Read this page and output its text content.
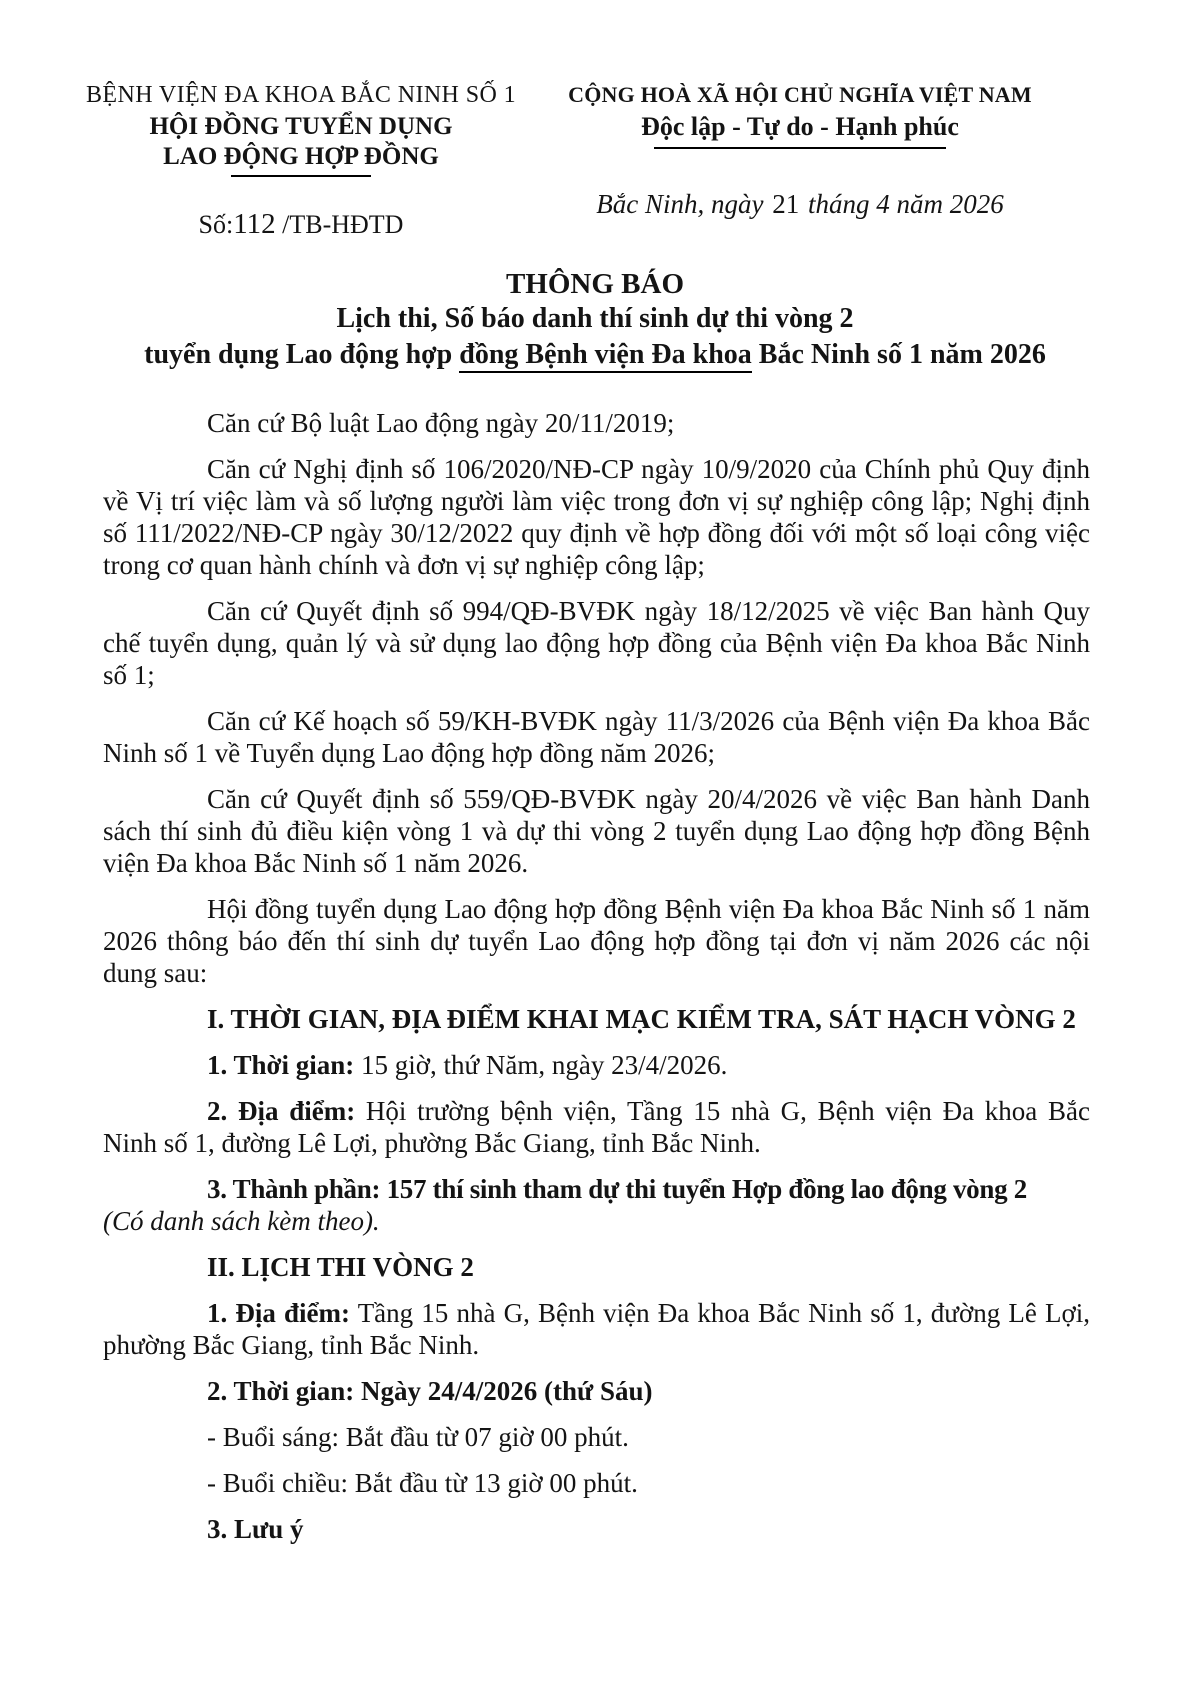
BỆNH VIỆN ĐA KHOA BẮC NINH SỐ 1
HỘI ĐỒNG TUYỂN DỤNG
LAO ĐỘNG HỢP ĐỒNG
Số:112 /TB-HĐTD
CỘNG HOÀ XÃ HỘI CHỦ NGHĨA VIỆT NAM
Độc lập - Tự do - Hạnh phúc
Bắc Ninh, ngày 21 tháng 4 năm 2026
THÔNG BÁO
Lịch thi, Số báo danh thí sinh dự thi vòng 2
tuyển dụng Lao động hợp đồng Bệnh viện Đa khoa Bắc Ninh số 1 năm 2026

Căn cứ Bộ luật Lao động ngày 20/11/2019;

Căn cứ Nghị định số 106/2020/NĐ-CP ngày 10/9/2020 của Chính phủ Quy định về Vị trí việc làm và số lượng người làm việc trong đơn vị sự nghiệp công lập; Nghị định số 111/2022/NĐ-CP ngày 30/12/2022 quy định về hợp đồng đối với một số loại công việc trong cơ quan hành chính và đơn vị sự nghiệp công lập;

Căn cứ Quyết định số 994/QĐ-BVĐK ngày 18/12/2025 về việc Ban hành Quy chế tuyển dụng, quản lý và sử dụng lao động hợp đồng của Bệnh viện Đa khoa Bắc Ninh số 1;

Căn cứ Kế hoạch số 59/KH-BVĐK ngày 11/3/2026 của Bệnh viện Đa khoa Bắc Ninh số 1 về Tuyển dụng Lao động hợp đồng năm 2026;

Căn cứ Quyết định số 559/QĐ-BVĐK ngày 20/4/2026 về việc Ban hành Danh sách thí sinh đủ điều kiện vòng 1 và dự thi vòng 2 tuyển dụng Lao động hợp đồng Bệnh viện Đa khoa Bắc Ninh số 1 năm 2026.

Hội đồng tuyển dụng Lao động hợp đồng Bệnh viện Đa khoa Bắc Ninh số 1 năm 2026 thông báo đến thí sinh dự tuyển Lao động hợp đồng tại đơn vị năm 2026 các nội dung sau:

I. THỜI GIAN, ĐỊA ĐIỂM KHAI MẠC KIỂM TRA, SÁT HẠCH VÒNG 2

1. Thời gian: 15 giờ, thứ Năm, ngày 23/4/2026.

2. Địa điểm: Hội trường bệnh viện, Tầng 15 nhà G, Bệnh viện Đa khoa Bắc Ninh số 1, đường Lê Lợi, phường Bắc Giang, tỉnh Bắc Ninh.

3. Thành phần: 157 thí sinh tham dự thi tuyển Hợp đồng lao động vòng 2
(Có danh sách kèm theo).

II. LỊCH THI VÒNG 2

1. Địa điểm: Tầng 15 nhà G, Bệnh viện Đa khoa Bắc Ninh số 1, đường Lê Lợi, phường Bắc Giang, tỉnh Bắc Ninh.

2. Thời gian: Ngày 24/4/2026 (thứ Sáu)

- Buổi sáng: Bắt đầu từ 07 giờ 00 phút.

- Buổi chiều: Bắt đầu từ 13 giờ 00 phút.

3. Lưu ý
